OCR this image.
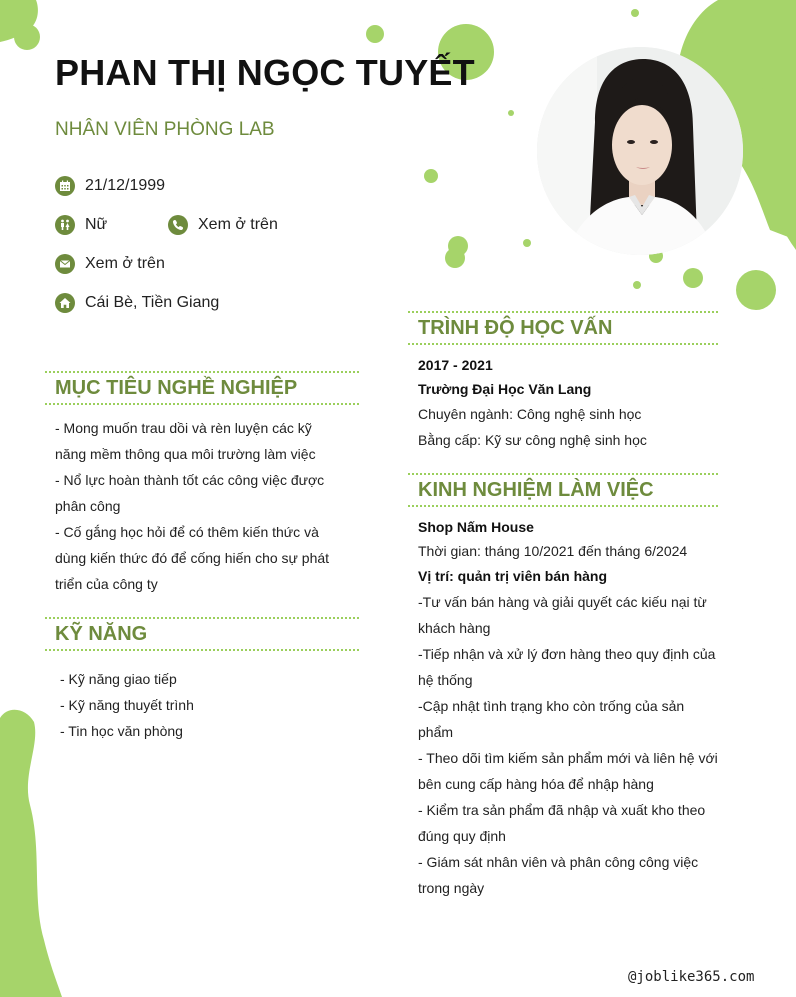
PHAN THỊ NGỌC TUYẾT
NHÂN VIÊN PHÒNG LAB
21/12/1999
Nữ	Xem ở trên
Xem ở trên
Cái Bè, Tiền Giang
MỤC TIÊU NGHỀ NGHIỆP
- Mong muốn trau dồi và rèn luyện các kỹ
năng mềm thông qua môi trường làm việc
- Nổ lực hoàn thành tốt các công việc được
phân công
- Cố gắng học hỏi để có thêm kiến thức và
dùng kiến thức đó để cống hiến cho sự phát
triển của công ty
KỸ NĂNG
- Kỹ năng giao tiếp
- Kỹ năng thuyết trình
- Tin học văn phòng
TRÌNH ĐỘ HỌC VẤN
2017 - 2021
Trường Đại Học Văn Lang
Chuyên ngành: Công nghệ sinh học
Bằng cấp: Kỹ sư công nghệ sinh học
KINH NGHIỆM LÀM VIỆC
Shop Nấm House
Thời gian: tháng 10/2021 đến tháng 6/2024
Vị trí: quản trị viên bán hàng
-Tư vấn bán hàng và giải quyết các kiếu nại từ
khách hàng
-Tiếp nhận và xử lý đơn hàng theo quy định của
hệ thống
-Cập nhật tình trạng kho còn trống của sản
phẩm
- Theo dõi tìm kiếm sản phẩm mới và liên hệ với
bên cung cấp hàng hóa để nhập hàng
- Kiểm tra sản phẩm đã nhập và xuất kho theo
đúng quy định
- Giám sát nhân viên và phân công công việc
trong ngày
@joblike365.com
